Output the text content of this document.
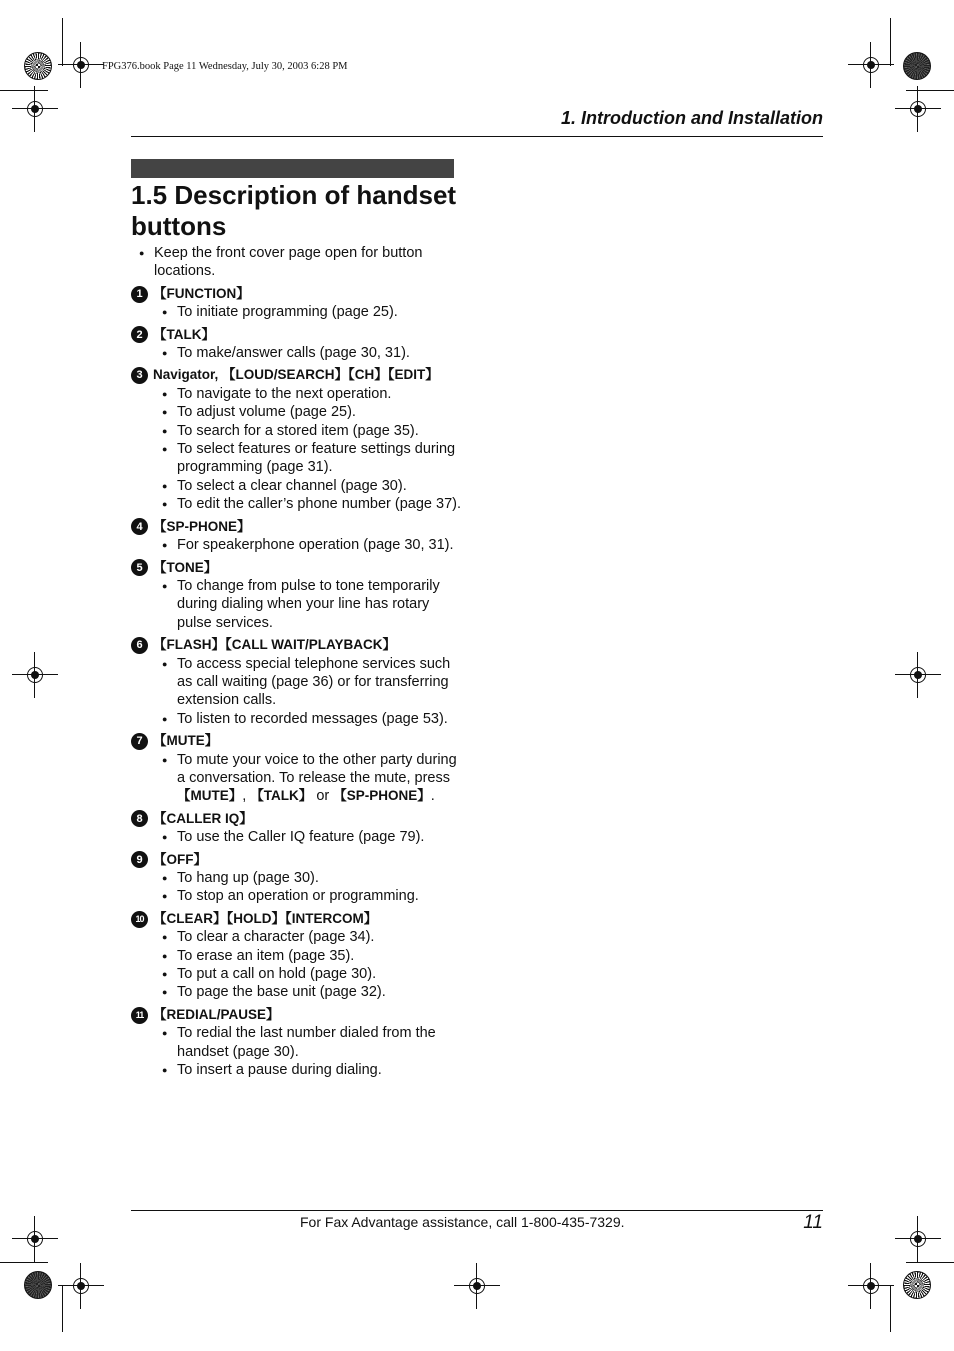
FPG376.book Page 11 Wednesday, July 30, 2003 6:28 PM
1. Introduction and Installation
1.5 Description of handset buttons
● Keep the front cover page open for button locations.
1 【FUNCTION】
● To initiate programming (page 25).
2 【TALK】
● To make/answer calls (page 30, 31).
3 Navigator, 【LOUD/SEARCH】【CH】【EDIT】
● To navigate to the next operation.
● To adjust volume (page 25).
● To search for a stored item (page 35).
● To select features or feature settings during programming (page 31).
● To select a clear channel (page 30).
● To edit the caller’s phone number (page 37).
4 【SP-PHONE】
● For speakerphone operation (page 30, 31).
5 【TONE】
● To change from pulse to tone temporarily during dialing when your line has rotary pulse services.
6 【FLASH】【CALL WAIT/PLAYBACK】
● To access special telephone services such as call waiting (page 36) or for transferring extension calls.
● To listen to recorded messages (page 53).
7 【MUTE】
● To mute your voice to the other party during a conversation. To release the mute, press 【MUTE】, 【TALK】 or 【SP-PHONE】.
8 【CALLER IQ】
● To use the Caller IQ feature (page 79).
9 【OFF】
● To hang up (page 30).
● To stop an operation or programming.
10 【CLEAR】【HOLD】【INTERCOM】
● To clear a character (page 34).
● To erase an item (page 35).
● To put a call on hold (page 30).
● To page the base unit (page 32).
11 【REDIAL/PAUSE】
● To redial the last number dialed from the handset (page 30).
● To insert a pause during dialing.
For Fax Advantage assistance, call 1-800-435-7329.	11
